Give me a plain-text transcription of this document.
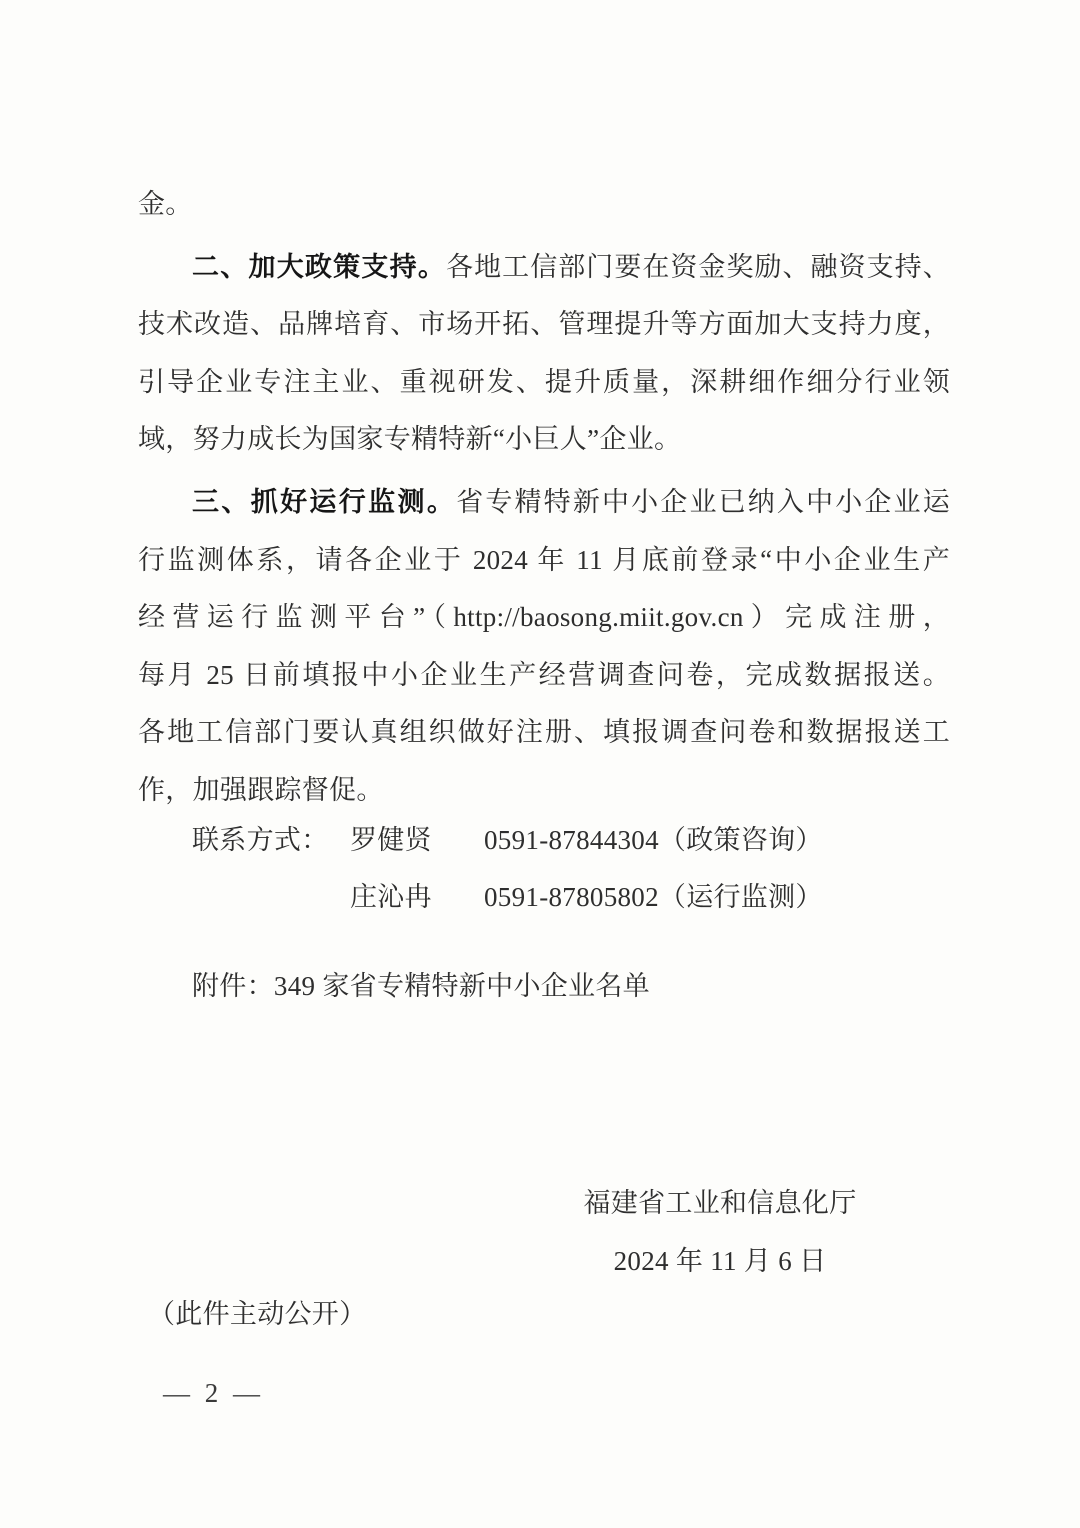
金。
二、加大政策支持。各地工信部门要在资金奖励、融资支持、
技术改造、品牌培育、市场开拓、管理提升等方面加大支持力度，
引导企业专注主业、重视研发、提升质量，深耕细作细分行业领
域，努力成长为国家专精特新“小巨人”企业。
三、抓好运行监测。省专精特新中小企业已纳入中小企业运
行监测体系，请各企业于 2024 年 11 月底前登录“中小企业生产
经营运行监测平台”（http://baosong.miit.gov.cn）完成注册，
每月 25 日前填报中小企业生产经营调查问卷，完成数据报送。
各地工信部门要认真组织做好注册、填报调查问卷和数据报送工
作，加强跟踪督促。
联系方式： 罗健贤	0591-87844304（政策咨询）
庄沁冉	0591-87805802（运行监测）
附件：349 家省专精特新中小企业名单
福建省工业和信息化厅
2024 年 11 月 6 日
（此件主动公开）
— 2 —
